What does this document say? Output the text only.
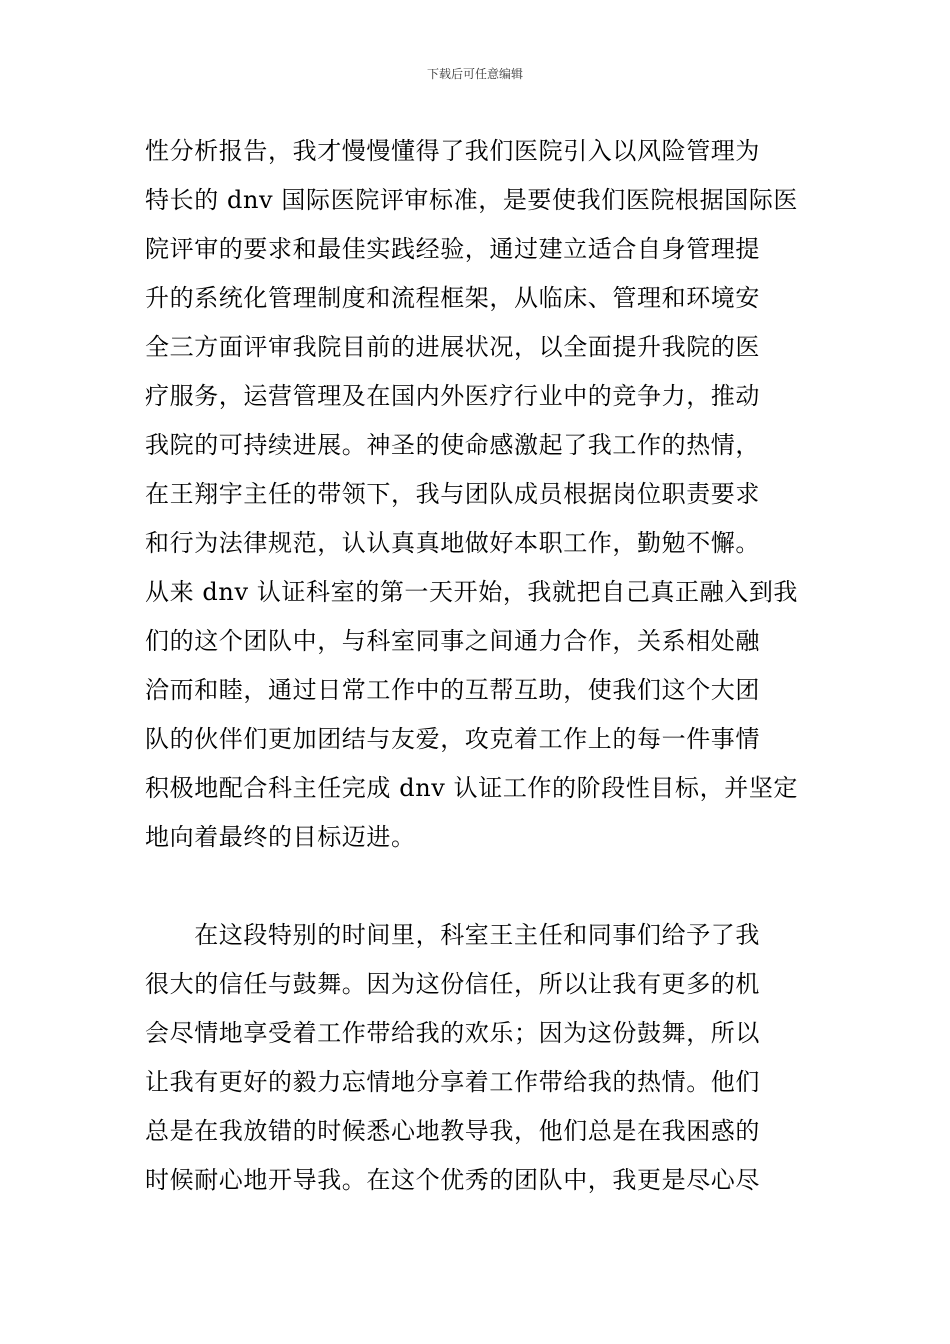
下载后可任意编辑
性分析报告，我才慢慢懂得了我们医院引入以风险管理为
特长的 dnv 国际医院评审标准，是要使我们医院根据国际医
院评审的要求和最佳实践经验，通过建立适合自身管理提
升的系统化管理制度和流程框架，从临床、管理和环境安
全三方面评审我院目前的进展状况，以全面提升我院的医
疗服务，运营管理及在国内外医疗行业中的竞争力，推动
我院的可持续进展。神圣的使命感激起了我工作的热情，
在王翔宇主任的带领下，我与团队成员根据岗位职责要求
和行为法律规范，认认真真地做好本职工作，勤勉不懈。
从来 dnv 认证科室的第一天开始，我就把自己真正融入到我
们的这个团队中，与科室同事之间通力合作，关系相处融
洽而和睦，通过日常工作中的互帮互助，使我们这个大团
队的伙伴们更加团结与友爱，攻克着工作上的每一件事情
积极地配合科主任完成 dnv 认证工作的阶段性目标，并坚定
地向着最终的目标迈进。
　　在这段特别的时间里，科室王主任和同事们给予了我
很大的信任与鼓舞。因为这份信任，所以让我有更多的机
会尽情地享受着工作带给我的欢乐；因为这份鼓舞，所以
让我有更好的毅力忘情地分享着工作带给我的热情。他们
总是在我放错的时候悉心地教导我，他们总是在我困惑的
时候耐心地开导我。在这个优秀的团队中，我更是尽心尽
